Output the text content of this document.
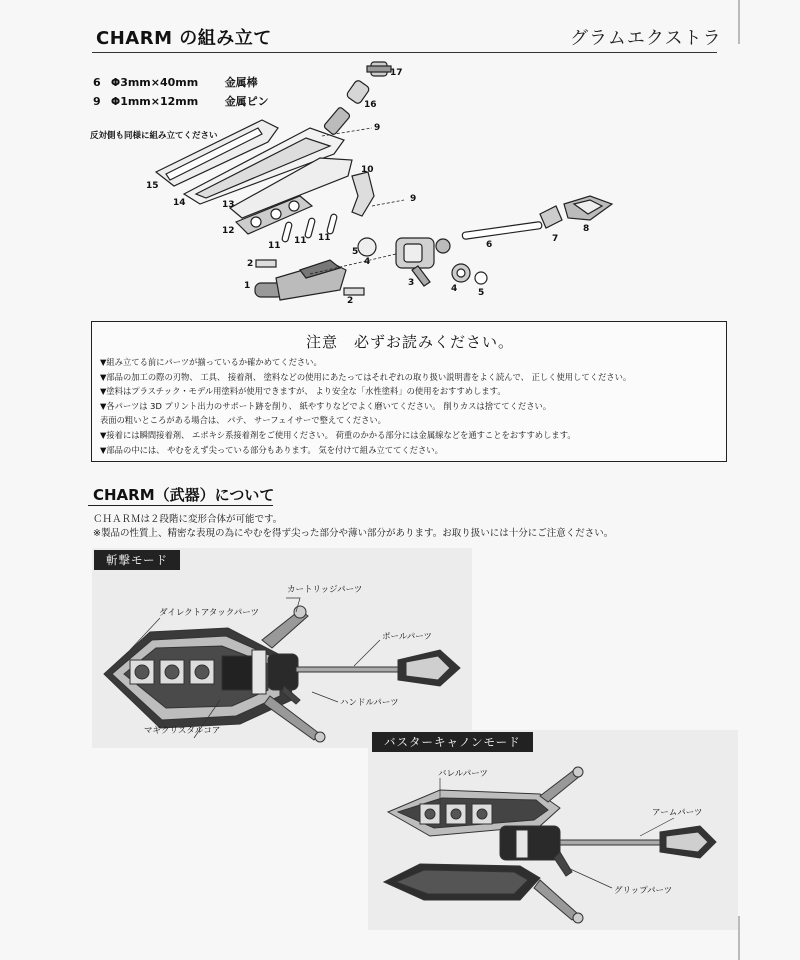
CHARM の組み立て	グラムエクストラ
6 Φ3mm×40mm 金属棒
9 Φ1mm×12mm 金属ピン
反対側も同様に組み立てください
17
16
9
10
15
14	13
12
11 11 11
9
8
7
6
5
4
3
4 5
2
2
1
注意　必ずお読みください。
▼組み立てる前にパーツが揃っているか確かめてください。
▼部品の加工の際の刃物、 工具、 接着剤、 塗料などの使用にあたってはそれぞれの取り扱い説明書をよく読んで、 正しく使用してください。
▼塗料はプラスチック・モデル用塗料が使用できますが、 より安全な「水性塗料」の使用をおすすめします。
▼各パーツは 3D プリント出力のサポート跡を削り、 紙やすりなどでよく磨いてください。 削りカスは捨ててください。
表面の粗いところがある場合は、 パテ、 サーフェイサーで整えてください。
▼接着には瞬間接着剤、 エポキシ系接着剤をご使用ください。 荷重のかかる部分には金属線などを通すことをおすすめします。
▼部品の中には、 やむをえず尖っている部分もあります。 気を付けて組み立ててください。
CHARM（武器）について
ＣＨＡＲＭは２段階に変形合体が可能です。
※製品の性質上、精密な表現の為にやむを得ず尖った部分や薄い部分があります。お取り扱いには十分にご注意ください。
斬撃モード
カートリッジパーツ
ダイレクトアタックパーツ
ポールパーツ
ハンドルパーツ
マギクリスタルコア
バスターキャノンモード
バレルパーツ
アームパーツ
グリップパーツ
